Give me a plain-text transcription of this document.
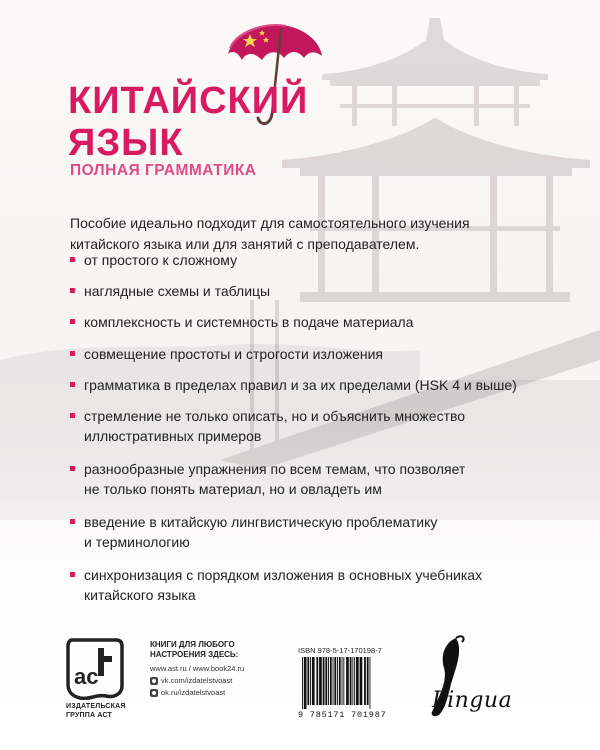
КИТАЙСКИЙ
ЯЗЫК

ПОЛНАЯ ГРАММАТИКА

Пособие идеально подходит для самостоятельного изучения китайского языка или для занятий с преподавателем.

от простого к сложному
наглядные схемы и таблицы
комплексность и системность в подаче материала
совмещение простоты и строгости изложения
грамматика в пределах правил и за их пределами (HSK 4 и выше)
стремление не только описать, но и объяснить множество
иллюстративных примеров
разнообразные упражнения по всем темам, что позволяет
не только понять материал, но и овладеть им
введение в китайскую лингвистическую проблематику
и терминологию
синхронизация с порядком изложения в основных учебниках
китайского языка
ас

ИЗДАТЕЛЬСКАЯ
ГРУППА АСТ

КНИГИ ДЛЯ ЛЮБОГО
НАСТРОЕНИЯ ЗДЕСЬ:

www.ast.ru / www.book24.ru
vk.com/izdatelstvoast
ok.ru/izdatelstvoast

ISBN 978-5-17-170198-7

9 785171 701987

Lingua
